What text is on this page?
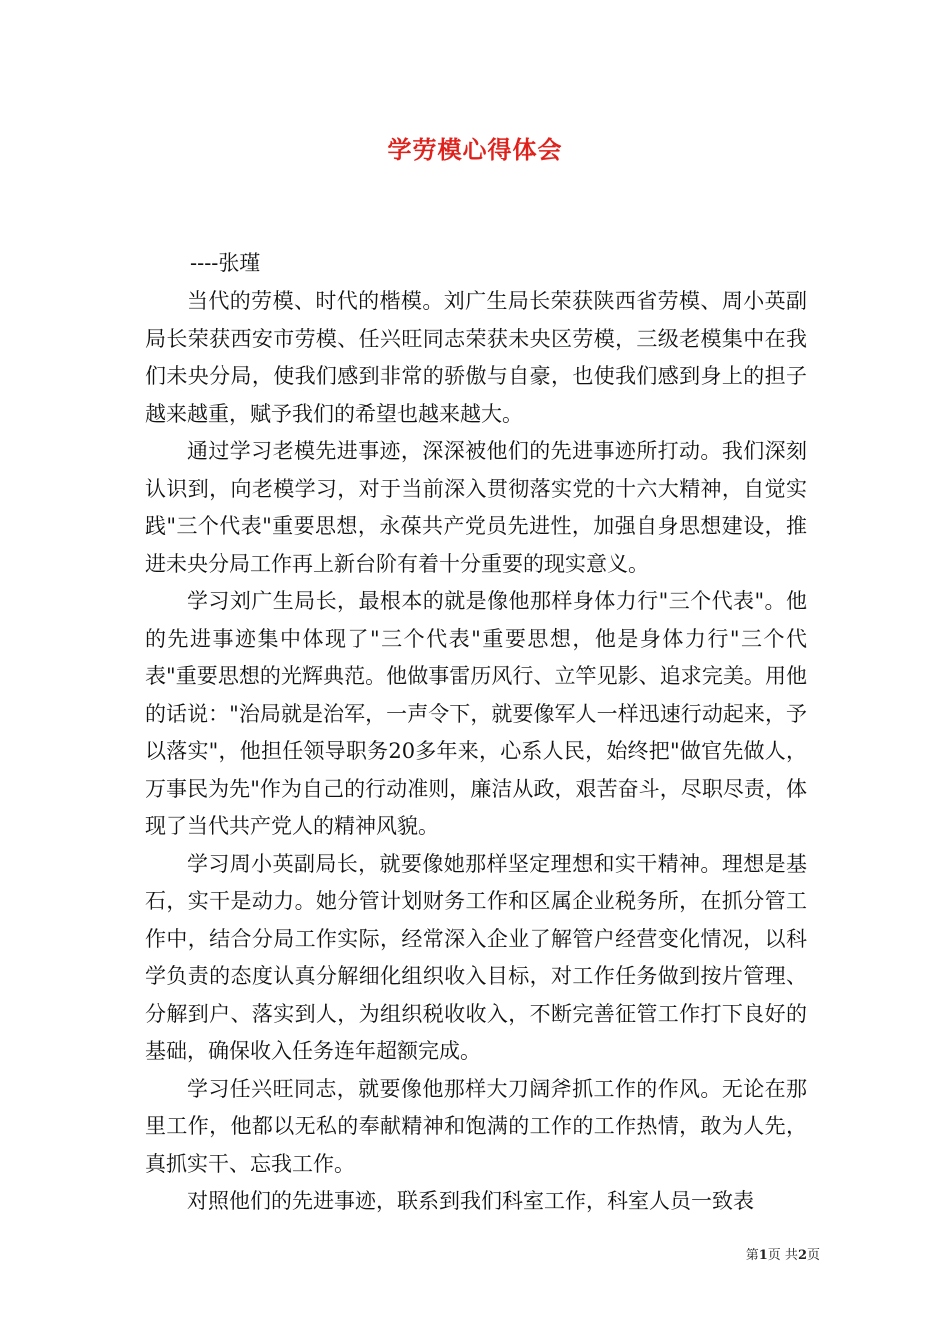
学劳模心得体会
----张瑾

当代的劳模、时代的楷模。刘广生局长荣获陕西省劳模、周小英副局长荣获西安市劳模、任兴旺同志荣获未央区劳模，三级老模集中在我们未央分局，使我们感到非常的骄傲与自豪，也使我们感到身上的担子越来越重，赋予我们的希望也越来越大。

通过学习老模先进事迹，深深被他们的先进事迹所打动。我们深刻认识到，向老模学习，对于当前深入贯彻落实党的十六大精神，自觉实践"三个代表"重要思想，永葆共产党员先进性，加强自身思想建设，推进未央分局工作再上新台阶有着十分重要的现实意义。

学习刘广生局长，最根本的就是像他那样身体力行"三个代表"。他的先进事迹集中体现了"三个代表"重要思想，他是身体力行"三个代表"重要思想的光辉典范。他做事雷历风行、立竿见影、追求完美。用他的话说："治局就是治军，一声令下，就要像军人一样迅速行动起来，予以落实"，他担任领导职务20多年来，心系人民，始终把"做官先做人，万事民为先"作为自己的行动准则，廉洁从政，艰苦奋斗，尽职尽责，体现了当代共产党人的精神风貌。

学习周小英副局长，就要像她那样坚定理想和实干精神。理想是基石，实干是动力。她分管计划财务工作和区属企业税务所，在抓分管工作中，结合分局工作实际，经常深入企业了解管户经营变化情况，以科学负责的态度认真分解细化组织收入目标，对工作任务做到按片管理、分解到户、落实到人，为组织税收收入，不断完善征管工作打下良好的基础，确保收入任务连年超额完成。

学习任兴旺同志，就要像他那样大刀阔斧抓工作的作风。无论在那里工作，他都以无私的奉献精神和饱满的工作的工作热情，敢为人先，真抓实干、忘我工作。

对照他们的先进事迹，联系到我们科室工作，科室人员一致表

第1页 共2页
